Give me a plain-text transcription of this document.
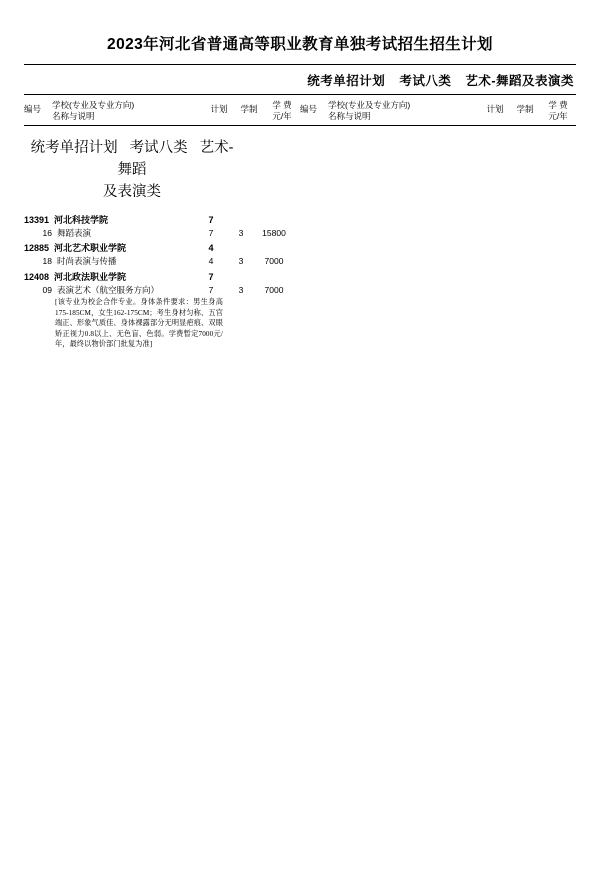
2023年河北省普通高等职业教育单独考试招生招生计划
统考单招计划 考试八类 艺术-舞蹈及表演类
编号	学校(专业及专业方向)
名称与说明
计划	学制	学 费
元/年
编号	学校(专业及专业方向)
名称与说明
计划	学制	学 费
元/年
统考单招计划 考试八类 艺术-舞蹈
及表演类
13391 河北科技学院	7
16 舞蹈表演	7	3	15800
12885 河北艺术职业学院	4
18 时尚表演与传播	4	3	7000
12408 河北政法职业学院	7
09 表演艺术（航空服务方向）	7	3	7000
[该专业为校企合作专业。身体条件要求：男生身高175-185CM，女生162-175CM；考生身材匀称、五官端正、形象气质佳、身体裸露部分无明显疤痕、双眼矫正视力0.8以上、无色盲、色弱。学费暂定7000元/年，最终以物价部门批复为准]
